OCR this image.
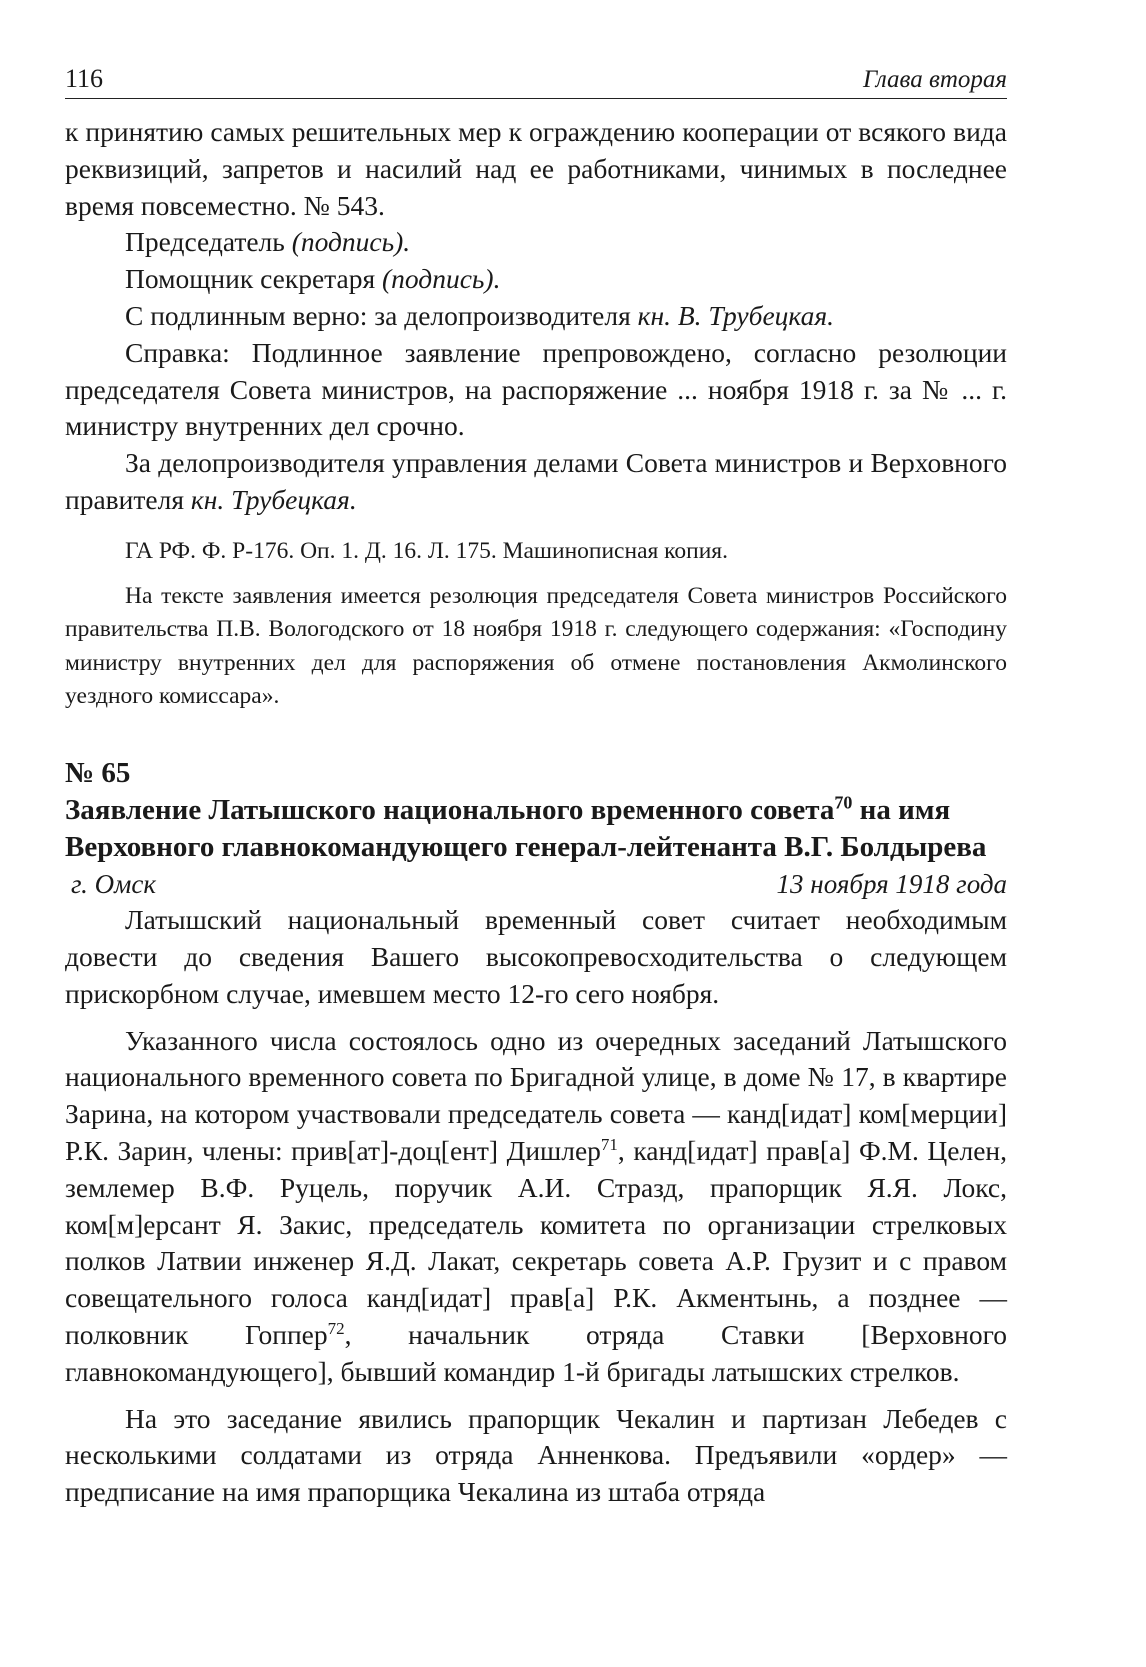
116	Глава вторая

к принятию самых решительных мер к ограждению кооперации от всякого вида реквизиций, запретов и насилий над ее работниками, чинимых в последнее время повсеместно. № 543.

Председатель (подпись).

Помощник секретаря (подпись).

С подлинным верно: за делопроизводителя кн. В. Трубецкая.

Справка: Подлинное заявление препровождено, согласно резолюции председателя Совета министров, на распоряжение ... ноября 1918 г. за № ... г. министру внутренних дел срочно.

За делопроизводителя управления делами Совета министров и Верховного правителя кн. Трубецкая.

ГА РФ. Ф. Р-176. Оп. 1. Д. 16. Л. 175. Машинописная копия.

На тексте заявления имеется резолюция председателя Совета министров Российского правительства П.В. Вологодского от 18 ноября 1918 г. следующего содержания: «Господину министру внутренних дел для распоряжения об отмене постановления Акмолинского уездного комиссара».

№ 65

Заявление Латышского национального временного совета$^{70}$ на имя Верховного главнокомандующего генерал-лейтенанта В.Г. Болдырева

г. Омск	13 ноября 1918 года

Латышский национальный временный совет считает необходимым довести до сведения Вашего высокопревосходительства о следующем прискорбном случае, имевшем место 12-го сего ноября.

Указанного числа состоялось одно из очередных заседаний Латышского национального временного совета по Бригадной улице, в доме № 17, в квартире Зарина, на котором участвовали председатель совета — канд[идат] ком[мерции] Р.К. Зарин, члены: прив[ат]-доц[ент] Дишлер$^{71}$, канд[идат] прав[а] Ф.М. Целен, землемер В.Ф. Руцель, поручик А.И. Стразд, прапорщик Я.Я. Локс, ком[м]ерсант Я. Закис, председатель комитета по организации стрелковых полков Латвии инженер Я.Д. Лакат, секретарь совета А.Р. Грузит и с правом совещательного голоса канд[идат] прав[а] Р.К. Акментынь, а позднее — полковник Гоппер$^{72}$, начальник отряда Ставки [Верховного главнокомандующего], бывший командир 1-й бригады латышских стрелков.

На это заседание явились прапорщик Чекалин и партизан Лебедев с несколькими солдатами из отряда Анненкова. Предъявили «ордер» — предписание на имя прапорщика Чекалина из штаба отряда
